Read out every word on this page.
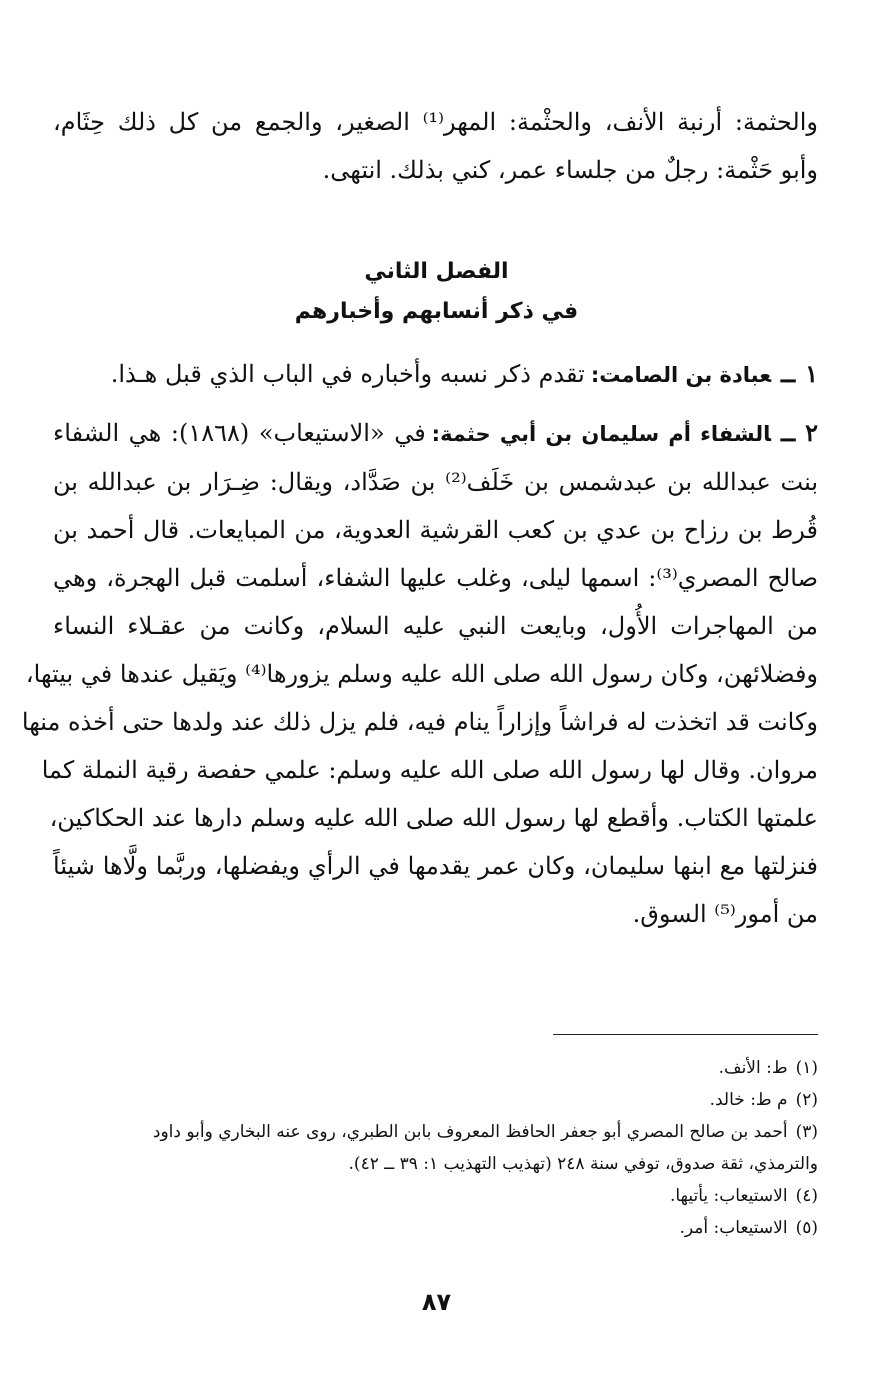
والحثمة: أرنبة الأنف، والحثْمة: المهر⁽¹⁾ الصغير، والجمع من كل ذلك حِثَام،
وأبو حَثْمة: رجلٌ من جلساء عمر، كني بذلك. انتهى.
الفصل الثاني
في ذكر أنسابهم وأخبارهم
١ــعبادة بن الصامت:تقدم ذكر نسبه وأخباره في الباب الذي قبل هـذا.
٢ــالشفاء أم سليمان بن أبي حثمة:في «الاستيعاب» (١٨٦٨): هي الشفاء
بنت عبدالله بن عبدشمس بن خَلَف⁽²⁾ بن صَدَّاد، ويقال: ضِـرَار بن عبدالله بن
قُرط بن رزاح بن عدي بن كعب القرشية العدوية، من المبايعات. قال أحمد بن
صالح المصري⁽³⁾: اسمها ليلى، وغلب عليها الشفاء، أسلمت قبل الهجرة، وهي
من المهاجرات الأُول، وبايعت النبي عليه السلام، وكانت من عقـلاء النساء
وفضلائهن، وكان رسول الله صلى الله عليه وسلم يزورها⁽⁴⁾ ويَقيل عندها في بيتها،
وكانت قد اتخذت له فراشاً وإزاراً ينام فيه، فلم يزل ذلك عند ولدها حتى أخذه منها
مروان. وقال لها رسول الله صلى الله عليه وسلم: علمي حفصة رقية النملة كما
علمتها الكتاب. وأقطع لها رسول الله صلى الله عليه وسلم دارها عند الحكاكين،
فنزلتها مع ابنها سليمان، وكان عمر يقدمها في الرأي ويفضلها، وربَّما ولَّاها شيئاً
من أمور⁽⁵⁾ السوق.
(١)ط: الأنف.
(٢)م ط: خالد.
(٣)أحمد بن صالح المصري أبو جعفر الحافظ المعروف بابن الطبري، روى عنه البخاري وأبو داود
والترمذي، ثقة صدوق، توفي سنة ٢٤٨ (تهذيب التهذيب ١: ٣٩ ــ ٤٢).
(٤)الاستيعاب: يأتيها.
(٥)الاستيعاب: أمر.
٨٧
